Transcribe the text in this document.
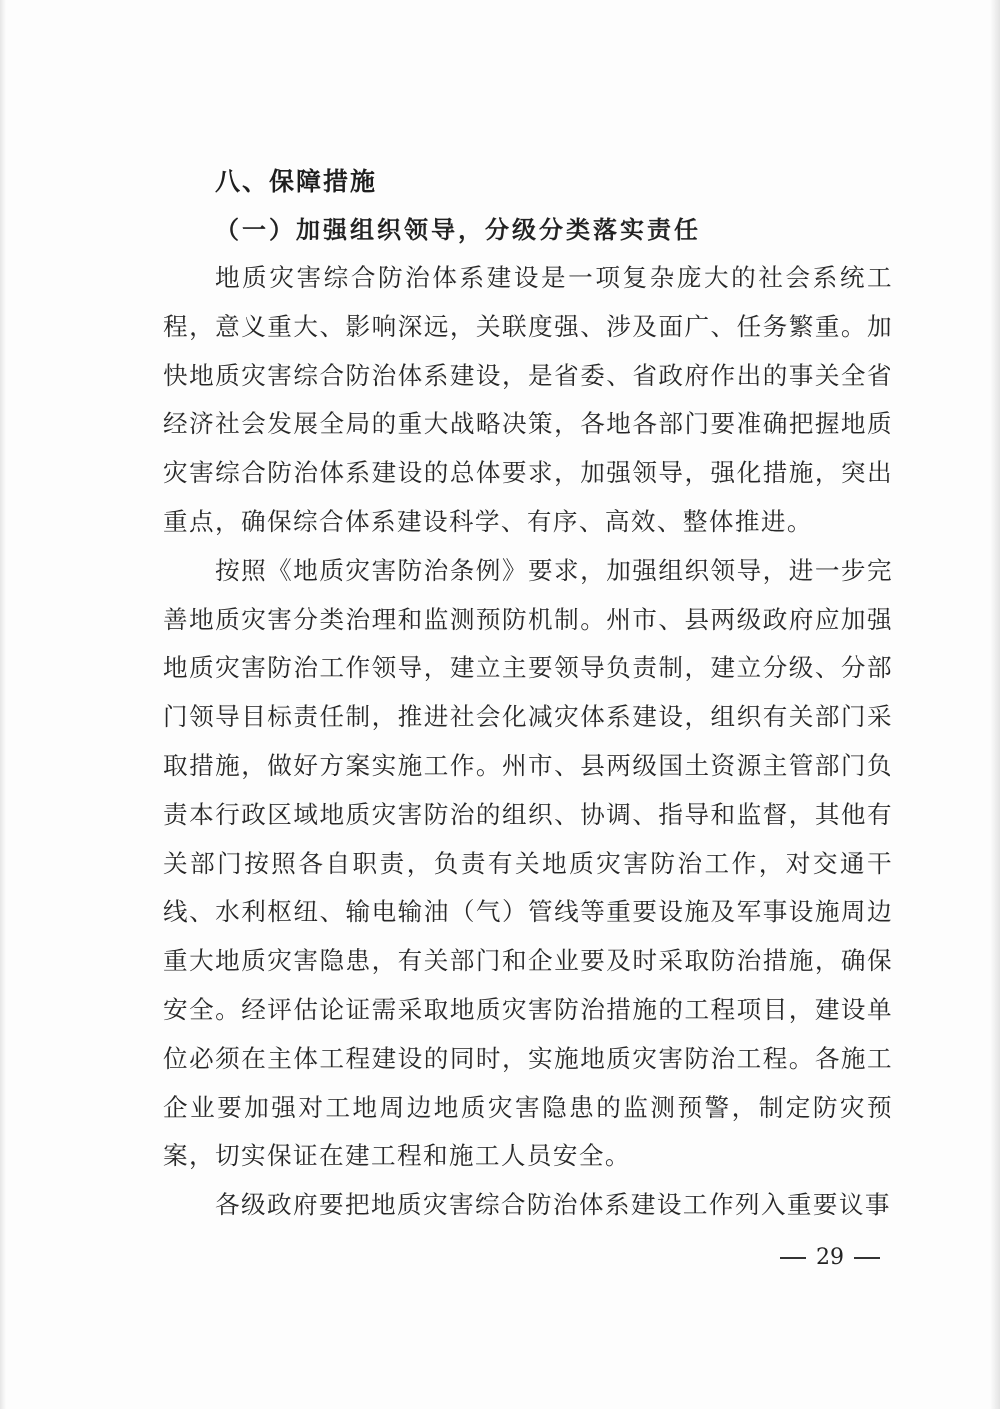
八、保障措施
（一）加强组织领导，分级分类落实责任

地质灾害综合防治体系建设是一项复杂庞大的社会系统工程，意义重大、影响深远，关联度强、涉及面广、任务繁重。加快地质灾害综合防治体系建设，是省委、省政府作出的事关全省经济社会发展全局的重大战略决策，各地各部门要准确把握地质灾害综合防治体系建设的总体要求，加强领导，强化措施，突出重点，确保综合体系建设科学、有序、高效、整体推进。

按照《地质灾害防治条例》要求，加强组织领导，进一步完善地质灾害分类治理和监测预防机制。州市、县两级政府应加强地质灾害防治工作领导，建立主要领导负责制，建立分级、分部门领导目标责任制，推进社会化减灾体系建设，组织有关部门采取措施，做好方案实施工作。州市、县两级国土资源主管部门负责本行政区域地质灾害防治的组织、协调、指导和监督，其他有关部门按照各自职责，负责有关地质灾害防治工作，对交通干线、水利枢纽、输电输油（气）管线等重要设施及军事设施周边重大地质灾害隐患，有关部门和企业要及时采取防治措施，确保安全。经评估论证需采取地质灾害防治措施的工程项目，建设单位必须在主体工程建设的同时，实施地质灾害防治工程。各施工企业要加强对工地周边地质灾害隐患的监测预警，制定防灾预案，切实保证在建工程和施工人员安全。

各级政府要把地质灾害综合防治体系建设工作列入重要议事

29
